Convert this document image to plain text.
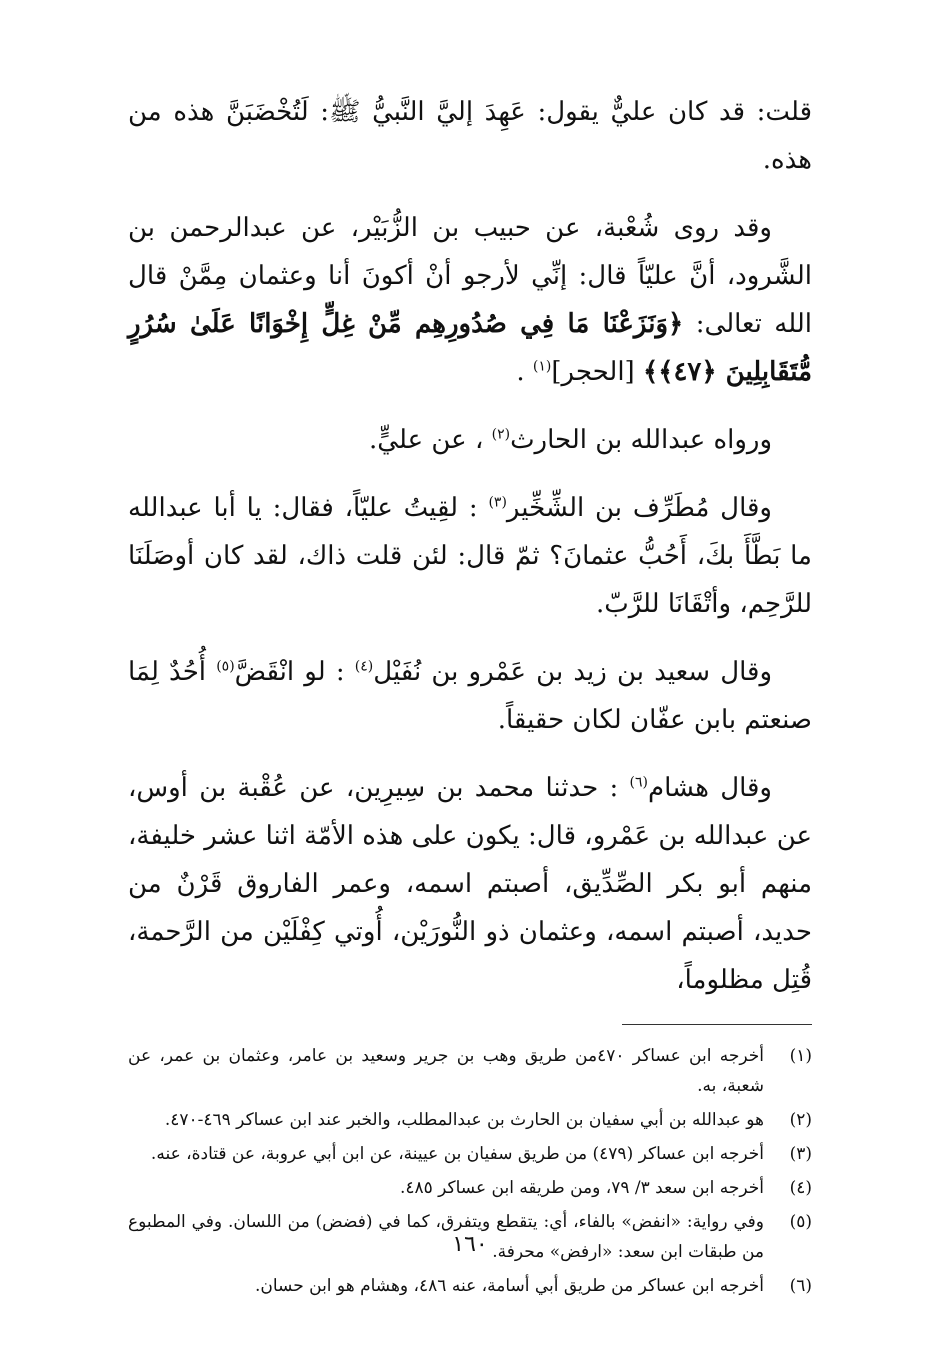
قلت: قد كان عليٌّ يقول: عَهِدَ إليَّ النَّبيُّ ﷺ: لَتُخْضَبَنَّ هذه من هذه.

وقد روى شُعْبة، عن حبيب بن الزُّبَيْر، عن عبدالرحمن بن الشَّرود، أنَّ عليّاً قال: إنِّي لأرجو أنْ أكونَ أنا وعثمان مِمَّنْ قال الله تعالى: ﴿وَنَزَعْنَا مَا فِي صُدُورِهِم مِّنْ غِلٍّ إِخْوَانًا عَلَىٰ سُرُرٍ مُّتَقَابِلِينَ ﴿٤٧﴾﴾ [الحجر]$^{(١)}$ .

ورواه عبدالله بن الحارث$^{(٢)}$ ، عن عليٍّ.

وقال مُطَرِّف بن الشِّخِّير$^{(٣)}$ : لقِيتُ عليّاً، فقال: يا أبا عبدالله ما بَطَّأَ بكَ، أَحُبُّ عثمانَ؟ ثمّ قال: لئن قلت ذاك، لقد كان أوصَلَنَا للرَّحِم، وأتْقَانَا للرَّبّ.

وقال سعيد بن زيد بن عَمْرو بن نُفَيْل$^{(٤)}$ : لو انْقَضَّ$^{(٥)}$ أُحُدٌ لِمَا صنعتم بابن عفّان لكان حقيقاً.

وقال هشام$^{(٦)}$ : حدثنا محمد بن سِيرِين، عن عُقْبة بن أوس، عن عبدالله بن عَمْرو، قال: يكون على هذه الأمّة اثنا عشر خليفة، منهم أبو بكر الصِّدِّيق، أصبتم اسمه، وعمر الفاروق قَرْنٌ من حديد، أصبتم اسمه، وعثمان ذو النُّورَيْن، أُوتي كِفْلَيْن من الرَّحمة، قُتِل مظلوماً،

(١)
أخرجه ابن عساكر ٤٧٠من طريق وهب بن جرير وسعيد بن عامر، وعثمان بن عمر، عن شعبة، به.
(٢)
هو عبدالله بن أبي سفيان بن الحارث بن عبدالمطلب، والخبر عند ابن عساكر ٤٦٩-٤٧٠.
(٣)
أخرجه ابن عساكر (٤٧٩) من طريق سفيان بن عيينة، عن ابن أبي عروبة، عن قتادة، عنه.
(٤)
أخرجه ابن سعد ٣/ ٧٩، ومن طريقه ابن عساكر ٤٨٥.
(٥)
وفي رواية: «انفض» بالفاء، أي: يتقطع ويتفرق، كما في (فضض) من اللسان. وفي المطبوع من طبقات ابن سعد: «ارفض» محرفة.
(٦)
أخرجه ابن عساكر من طريق أبي أسامة، عنه ٤٨٦، وهشام هو ابن حسان.
١٦٠
